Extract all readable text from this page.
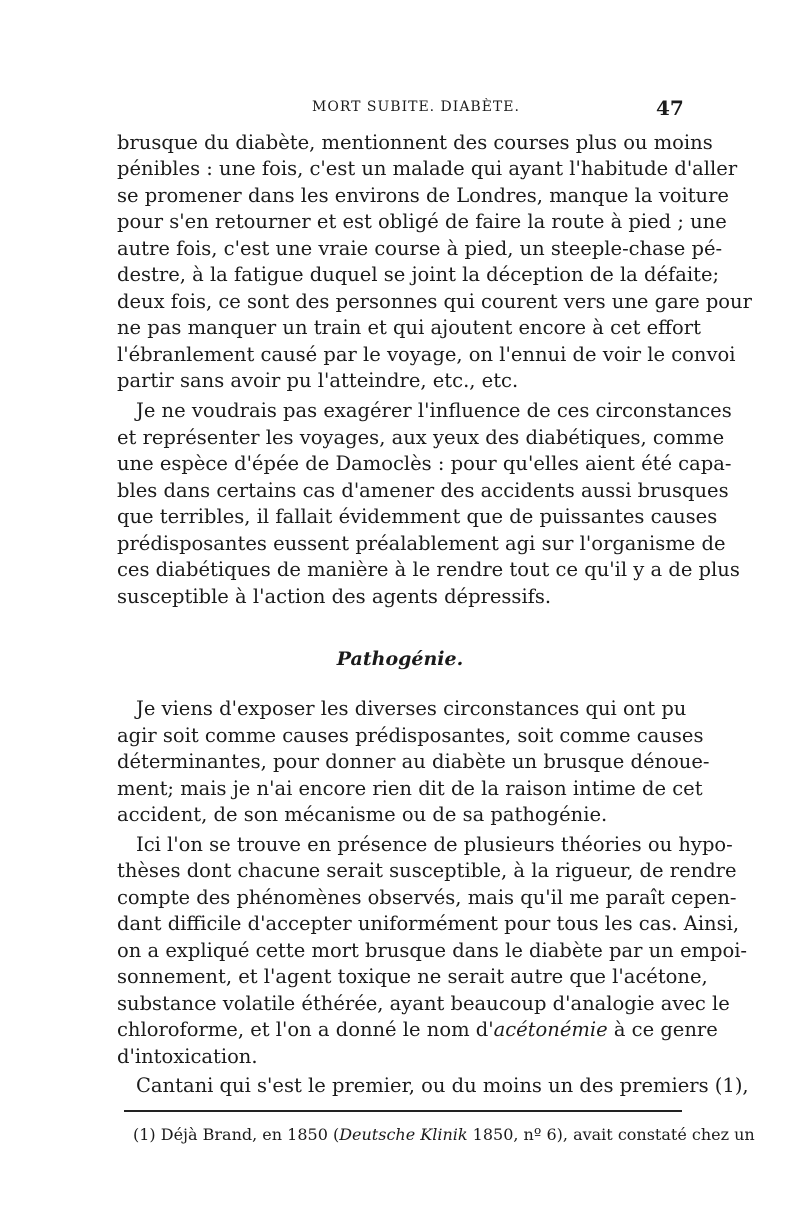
MORT SUBITE. DIABÈTE.	47
brusque du diabète, mentionnent des courses plus ou moins
pénibles : une fois, c'est un malade qui ayant l'habitude d'aller
se promener dans les environs de Londres, manque la voiture
pour s'en retourner et est obligé de faire la route à pied ; une
autre fois, c'est une vraie course à pied, un steeple-chase pé-
destre, à la fatigue duquel se joint la déception de la défaite;
deux fois, ce sont des personnes qui courent vers une gare pour
ne pas manquer un train et qui ajoutent encore à cet effort
l'ébranlement causé par le voyage, on l'ennui de voir le convoi
partir sans avoir pu l'atteindre, etc., etc.
Je ne voudrais pas exagérer l'influence de ces circonstances
et représenter les voyages, aux yeux des diabétiques, comme
une espèce d'épée de Damoclès : pour qu'elles aient été capa-
bles dans certains cas d'amener des accidents aussi brusques
que terribles, il fallait évidemment que de puissantes causes
prédisposantes eussent préalablement agi sur l'organisme de
ces diabétiques de manière à le rendre tout ce qu'il y a de plus
susceptible à l'action des agents dépressifs.
Pathogénie.
Je viens d'exposer les diverses circonstances qui ont pu
agir soit comme causes prédisposantes, soit comme causes
déterminantes, pour donner au diabète un brusque dénoue-
ment; mais je n'ai encore rien dit de la raison intime de cet
accident, de son mécanisme ou de sa pathogénie.
Ici l'on se trouve en présence de plusieurs théories ou hypo-
thèses dont chacune serait susceptible, à la rigueur, de rendre
compte des phénomènes observés, mais qu'il me paraît cepen-
dant difficile d'accepter uniformément pour tous les cas. Ainsi,
on a expliqué cette mort brusque dans le diabète par un empoi-
sonnement, et l'agent toxique ne serait autre que l'acétone,
substance volatile éthérée, ayant beaucoup d'analogie avec le
chloroforme, et l'on a donné le nom d'acétonémie à ce genre
d'intoxication.
Cantani qui s'est le premier, ou du moins un des premiers (1),
(1) Déjà Brand, en 1850 (Deutsche Klinik 1850, nº 6), avait constaté chez un
